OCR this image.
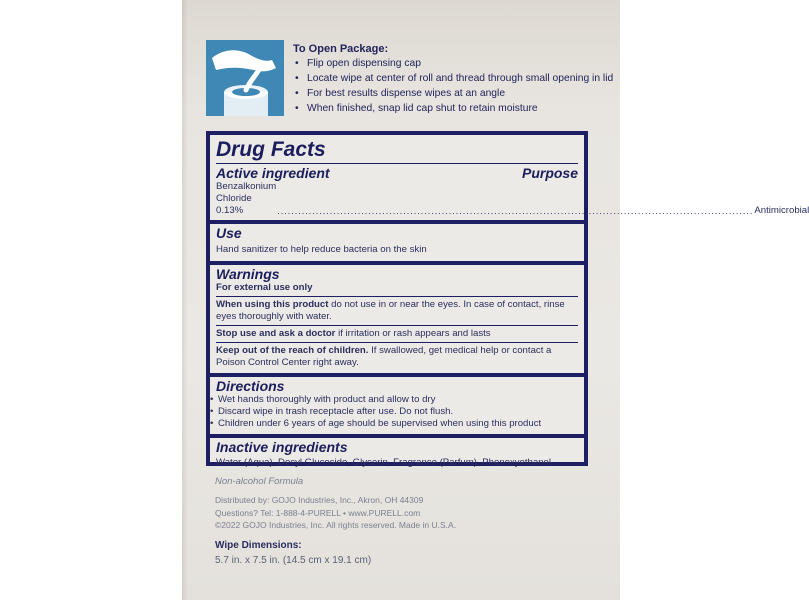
To Open Package:
• Flip open dispensing cap
• Locate wipe at center of roll and thread through small opening in lid
• For best results dispense wipes at an angle
• When finished, snap lid cap shut to retain moisture
Drug Facts
Active ingredient	Purpose
Benzalkonium Chloride 0.13%	........................................................................................................................................ Antimicrobial
Use
Hand sanitizer to help reduce bacteria on the skin
Warnings
For external use only
When using this product do not use in or near the eyes. In case of contact, rinse eyes thoroughly with water.
Stop use and ask a doctor if irritation or rash appears and lasts
Keep out of the reach of children. If swallowed, get medical help or contact a Poison Control Center right away.
Directions
• Wet hands thoroughly with product and allow to dry
• Discard wipe in trash receptacle after use. Do not flush.
• Children under 6 years of age should be supervised when using this product
Inactive ingredients
Water (Aqua), Decyl Glucoside, Glycerin, Fragrance (Parfum), Phenoxyethanol
Non-alcohol Formula
Distributed by: GOJO Industries, Inc., Akron, OH 44309
Questions? Tel: 1-888-4-PURELL • www.PURELL.com
©2022 GOJO Industries, Inc. All rights reserved. Made in U.S.A.
Wipe Dimensions:
5.7 in. x 7.5 in. (14.5 cm x 19.1 cm)
